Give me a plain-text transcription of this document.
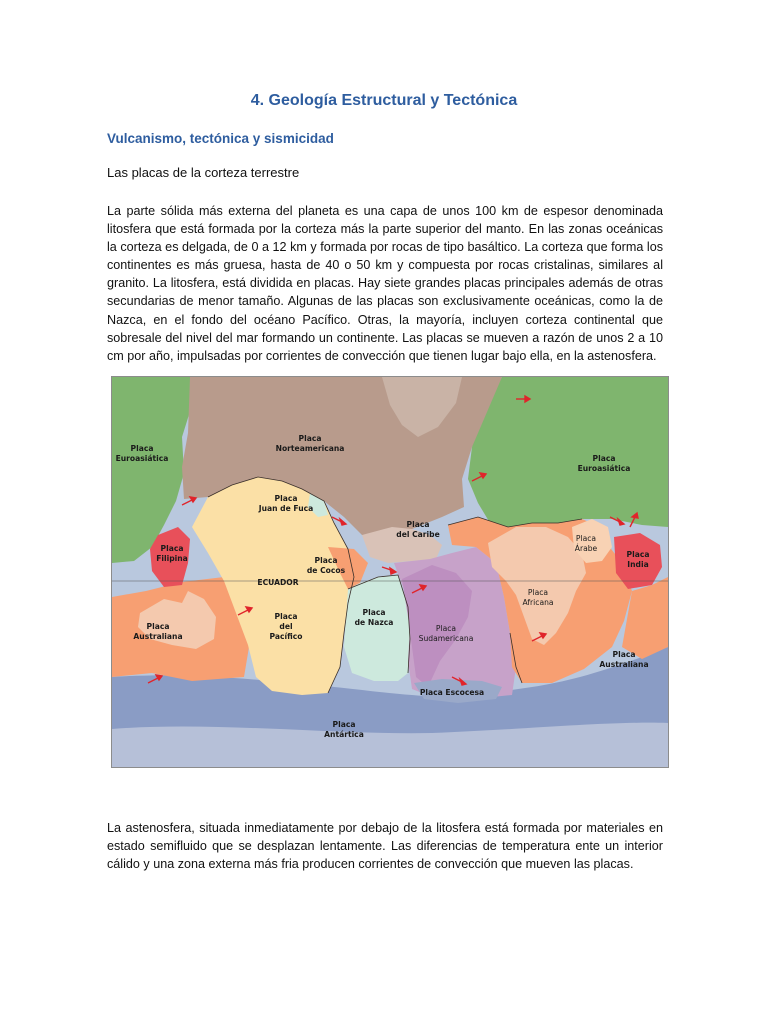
4. Geología Estructural y Tectónica
Vulcanismo, tectónica y sismicidad

Las placas de la corteza terrestre

La parte sólida más externa del planeta es una capa de unos 100 km de espesor denominada litosfera que está formada por la corteza más la parte superior del manto. En las zonas oceánicas la corteza es delgada, de 0 a 12 km y formada por rocas de tipo basáltico. La corteza que forma los continentes es más gruesa, hasta de 40 o 50 km y compuesta por rocas cristalinas, similares al granito. La litosfera, está dividida en placas. Hay siete grandes placas principales además de otras secundarias de menor tamaño. Algunas de las placas son exclusivamente oceánicas, como la de Nazca, en el fondo del océano Pacífico. Otras, la mayoría, incluyen corteza continental que sobresale del nivel del mar formando un continente. Las placas se mueven a razón de unos 2 a 10 cm por año, impulsadas por corrientes de convección que tienen lugar bajo ella, en la astenosfera.

Placa
Euroasiática
Placa
Norteamericana
Placa
Euroasiática
Placa
Juan de Fuca
Placa
del Caribe	Placa
Árabe
Placa
India
Placa
Filipina	Placa
de Cocos
ECUADOR
Placa
Africana
Placa
del
Pacífico
Placa
de Nazca
Placa
Australiana
Placa
Sudamericana
Placa
Australiana
Placa Escocesa
Placa
Antártica

La astenosfera, situada inmediatamente por debajo de la litosfera está formada por materiales en estado semifluido que se desplazan lentamente. Las diferencias de temperatura ente un interior cálido y una zona externa más fria producen corrientes de convección que mueven las placas.
